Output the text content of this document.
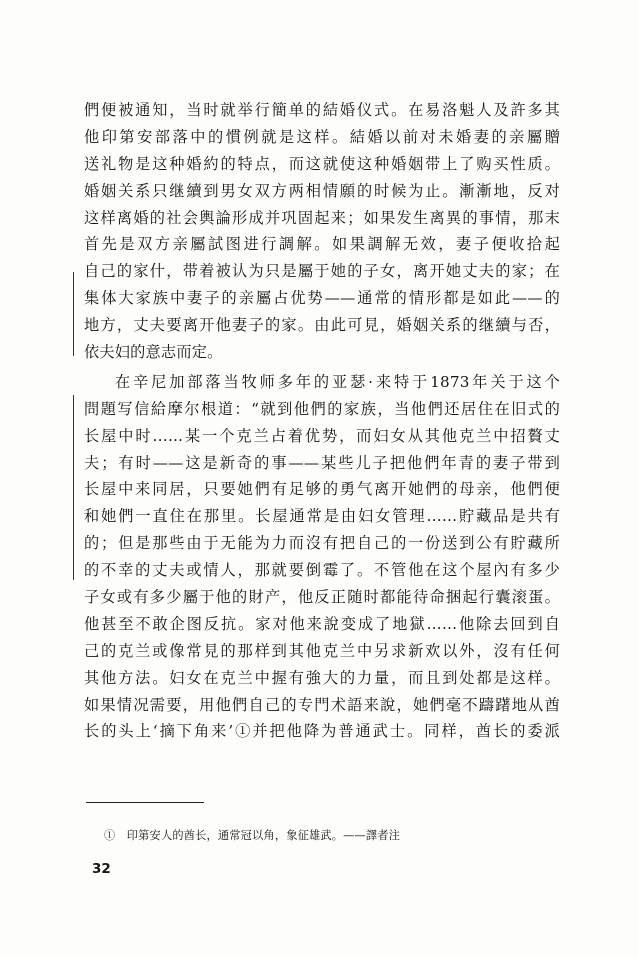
們便被通知，当时就举行簡单的結婚仪式。在易洛魁人及許多其
他印第安部落中的慣例就是这样。結婚以前对未婚妻的亲屬贈
送礼物是这种婚約的特点，而这就使这种婚姻带上了购买性质。
婚姻关系只继續到男女双方两相情願的时候为止。漸漸地，反对
这样离婚的社会輿論形成并巩固起来；如果发生离異的事情，那末
首先是双方亲屬試图进行調解。如果調解无效，妻子便收拾起
自己的家什，带着被认为只是屬于她的子女，离开她丈夫的家；在
集体大家族中妻子的亲屬占优势——通常的情形都是如此——的
地方，丈夫要离开他妻子的家。由此可見，婚姻关系的继續与否，
依夫妇的意志而定。
在辛尼加部落当牧师多年的亚瑟·来特于1873年关于这个
問題写信給摩尔根道：“就到他們的家族，当他們还居住在旧式的
长屋中时……某一个克兰占着优势，而妇女从其他克兰中招贅丈
夫；有时——这是新奇的事——某些儿子把他們年青的妻子带到
长屋中来同居，只要她們有足够的勇气离开她們的母亲，他們便
和她們一直住在那里。长屋通常是由妇女管理……貯藏品是共有
的；但是那些由于无能为力而沒有把自己的一份送到公有貯藏所
的不幸的丈夫或情人，那就要倒霉了。不管他在这个屋內有多少
子女或有多少屬于他的財产，他反正随时都能待命捆起行囊滚蛋。
他甚至不敢企图反抗。家对他来說变成了地獄……他除去回到自
己的克兰或像常見的那样到其他克兰中另求新欢以外，沒有任何
其他方法。妇女在克兰中握有強大的力量，而且到处都是这样。
如果情况需要，用他們自己的专門术語来說，她們毫不躊躇地从酋
长的头上‘摘下角来’①并把他降为普通武士。同样，酋长的委派
①　印第安人的酋长，通常冠以角，象征雄武。——譯者注
32
